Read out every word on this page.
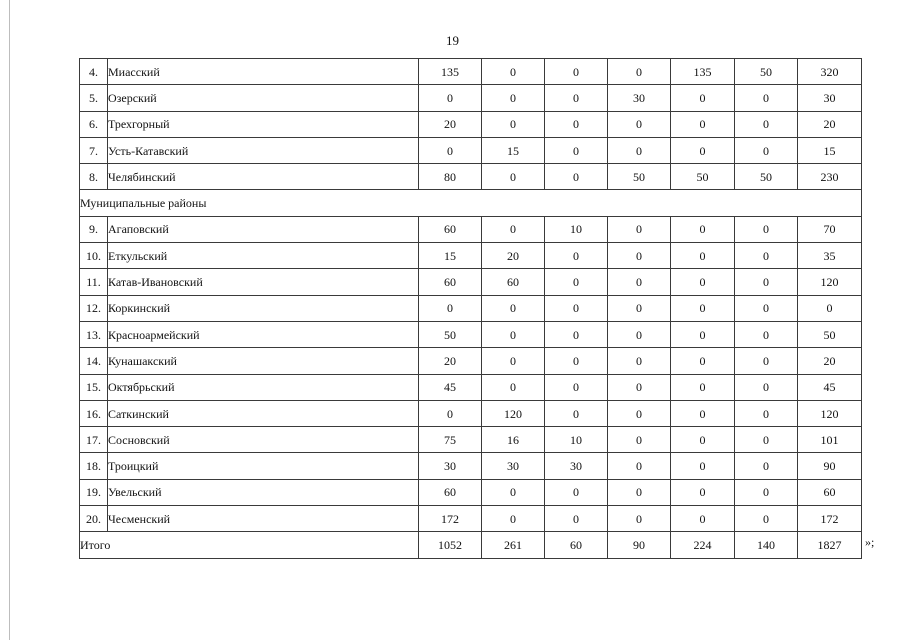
19
4.	Миасский	135	0	0	0	135	50	320
5.	Озерский	0	0	0	30	0	0	30
6.	Трехгорный	20	0	0	0	0	0	20
7.	Усть-Катавский	0	15	0	0	0	0	15
8.	Челябинский	80	0	0	50	50	50	230
Муниципальные районы								
9.	Агаповский	60	0	10	0	0	0	70
10.	Еткульский	15	20	0	0	0	0	35
11.	Катав-Ивановский	60	60	0	0	0	0	120
12.	Коркинский	0	0	0	0	0	0	0
13.	Красноармейский	50	0	0	0	0	0	50
14.	Кунашакский	20	0	0	0	0	0	20
15.	Октябрьский	45	0	0	0	0	0	45
16.	Саткинский	0	120	0	0	0	0	120
17.	Сосновский	75	16	10	0	0	0	101
18.	Троицкий	30	30	30	0	0	0	90
19.	Увельский	60	0	0	0	0	0	60
20.	Чесменский	172	0	0	0	0	0	172
Итого		1052	261	60	90	224	140	1827 »;
